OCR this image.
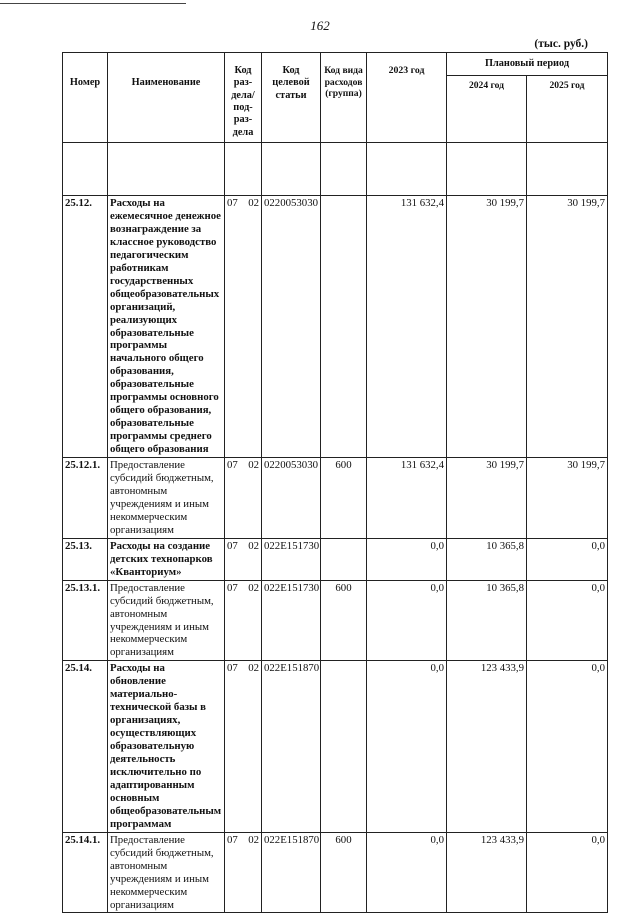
162
(тыс. руб.)
Номер	Наименование	Код раз-дела/ под-раз-дела	Код целевой статьи	Код вида расходов (группа)	2023 год	Плановый период	
						2024 год	2025 год

25.12.	Расходы на ежемесячное денежное вознаграждение за классное руководство педагогическим работникам государственных общеобразовательных организаций, реализующих образовательные программы начального общего образования, образовательные программы основного общего образования, образовательные программы среднего общего образования	07 02	0220053030		131 632,4	30 199,7	30 199,7
25.12.1.	Предоставление субсидий бюджетным, автономным учреждениям и иным некоммерческим организациям	07 02	0220053030	600	131 632,4	30 199,7	30 199,7
25.13.	Расходы на создание детских технопарков «Кванториум»	07 02	022E151730		0,0	10 365,8	0,0
25.13.1.	Предоставление субсидий бюджетным, автономным учреждениям и иным некоммерческим организациям	07 02	022E151730	600	0,0	10 365,8	0,0
25.14.	Расходы на обновление материально-технической базы в организациях, осуществляющих образовательную деятельность исключительно по адаптированным основным общеобразовательным программам	07 02	022E151870		0,0	123 433,9	0,0
25.14.1.	Предоставление субсидий бюджетным, автономным учреждениям и иным некоммерческим организациям	07 02	022E151870	600	0,0	123 433,9	0,0
